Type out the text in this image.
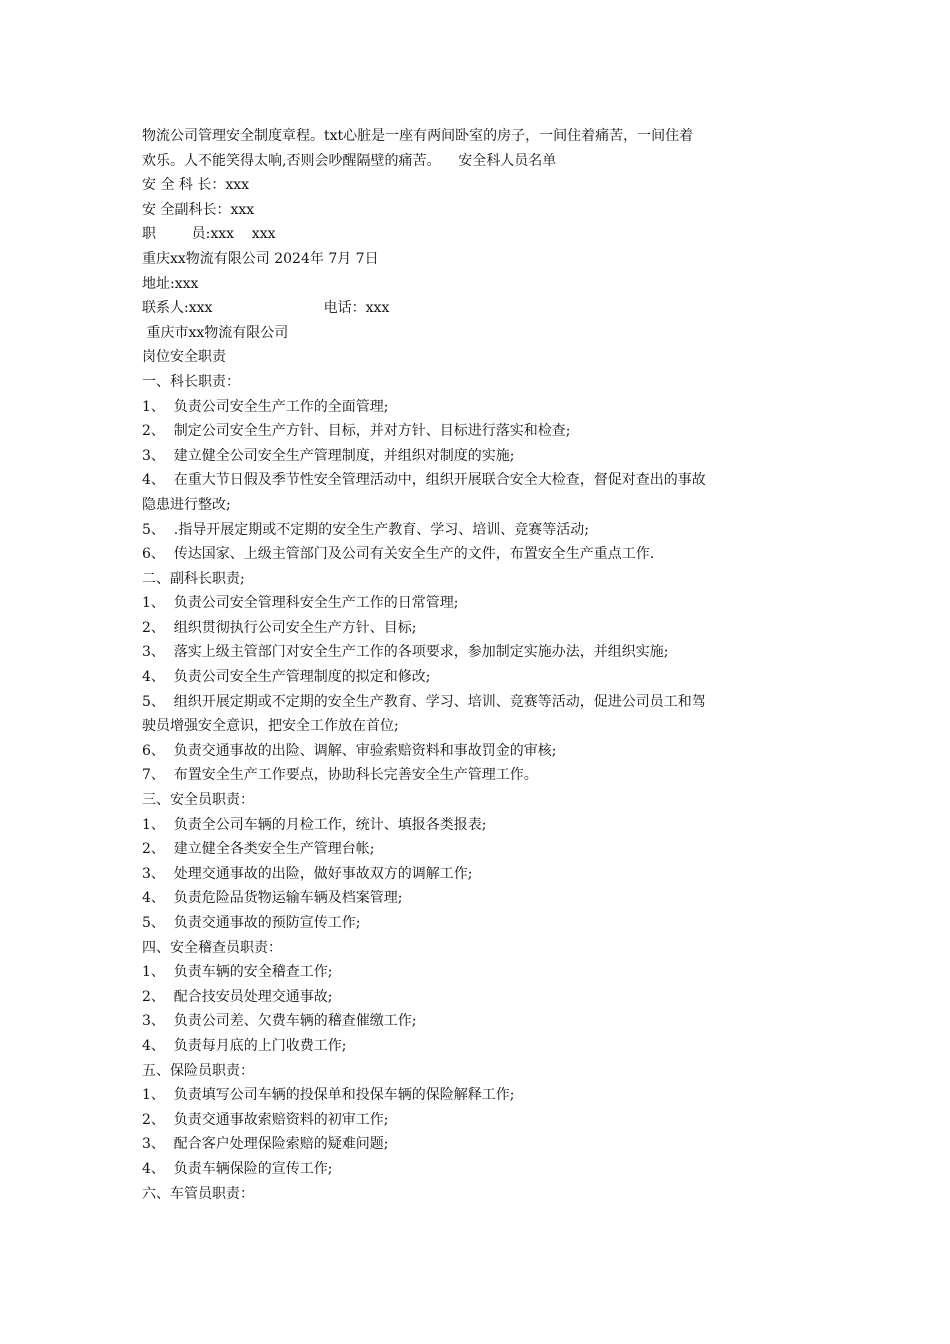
物流公司管理安全制度章程。txt心脏是一座有两间卧室的房子，一间住着痛苦，一间住着
欢乐。人不能笑得太响,否则会吵醒隔壁的痛苦。    安全科人员名单
安 全 科 长：xxx
安 全副科长：xxx
职        员:xxx    xxx
重庆xx物流有限公司 2024年 7月 7日
地址:xxx
联系人:xxx                         电话：xxx
重庆市xx物流有限公司
岗位安全职责
一、科长职责：
1、  负责公司安全生产工作的全面管理;
2、  制定公司安全生产方针、目标，并对方针、目标进行落实和检查;
3、  建立健全公司安全生产管理制度，并组织对制度的实施;
4、  在重大节日假及季节性安全管理活动中，组织开展联合安全大检查，督促对查出的事故
隐患进行整改;
5、  .指导开展定期或不定期的安全生产教育、学习、培训、竞赛等活动;
6、  传达国家、上级主管部门及公司有关安全生产的文件，布置安全生产重点工作.
二、副科长职责;
1、  负责公司安全管理科安全生产工作的日常管理;
2、  组织贯彻执行公司安全生产方针、目标;
3、  落实上级主管部门对安全生产工作的各项要求，参加制定实施办法，并组织实施;
4、  负责公司安全生产管理制度的拟定和修改;
5、  组织开展定期或不定期的安全生产教育、学习、培训、竞赛等活动，促进公司员工和驾
驶员增强安全意识，把安全工作放在首位;
6、  负责交通事故的出险、调解、审验索赔资料和事故罚金的审核;
7、  布置安全生产工作要点，协助科长完善安全生产管理工作。
三、安全员职责：
1、  负责全公司车辆的月检工作，统计、填报各类报表;
2、  建立健全各类安全生产管理台帐;
3、  处理交通事故的出险，做好事故双方的调解工作;
4、  负责危险品货物运输车辆及档案管理;
5、  负责交通事故的预防宣传工作;
四、安全稽查员职责：
1、  负责车辆的安全稽查工作;
2、  配合技安员处理交通事故;
3、  负责公司差、欠费车辆的稽查催缴工作;
4、  负责每月底的上门收费工作;
五、保险员职责：
1、  负责填写公司车辆的投保单和投保车辆的保险解释工作;
2、  负责交通事故索赔资料的初审工作;
3、  配合客户处理保险索赔的疑难问题;
4、  负责车辆保险的宣传工作;
六、车管员职责：
